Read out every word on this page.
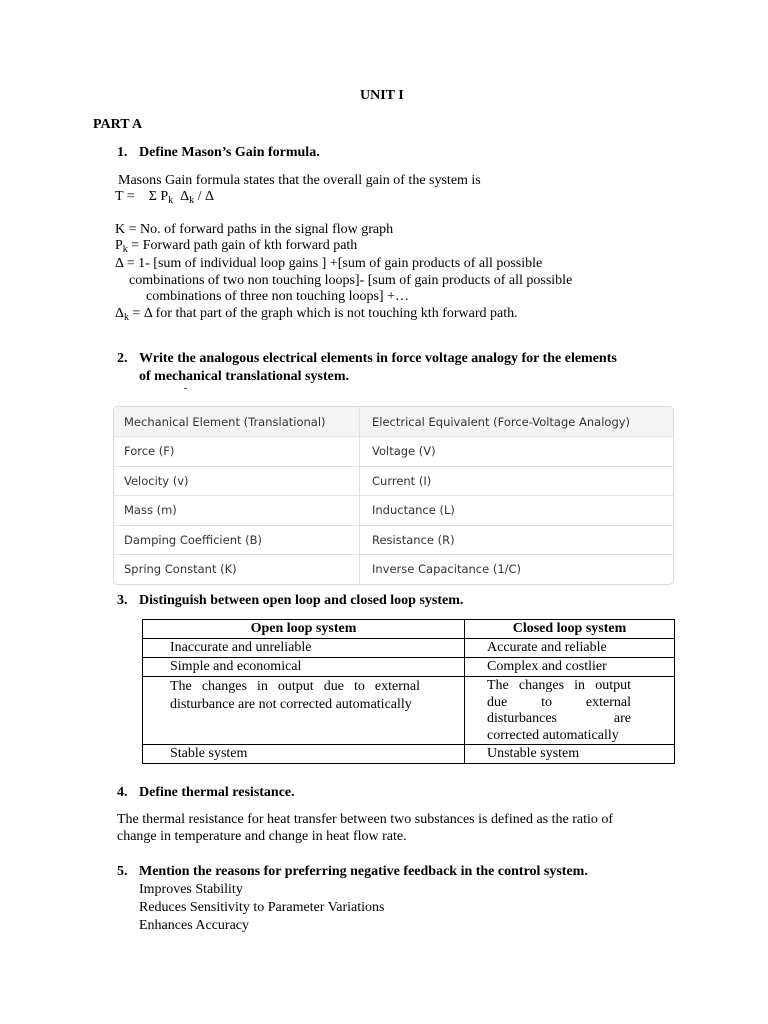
UNIT I
PART A
1. Define Mason’s Gain formula.
Masons Gain formula states that the overall gain of the system is
T = Σ $P_k$ $\Delta_k$ / Δ
K = No. of forward paths in the signal flow graph
$P_k$ = Forward path gain of kth forward path
Δ = 1- [sum of individual loop gains ] +[sum of gain products of all possible
combinations of two non touching loops]- [sum of gain products of all possible
combinations of three non touching loops] +…
$\Delta_k = \Delta$ for that part of the graph which is not touching kth forward path.
2. Write the analogous electrical elements in force voltage analogy for the elements
of mechanical translational system.
-
Mechanical Element (Translational)	Electrical Equivalent (Force-Voltage Analogy)
Force (F)	Voltage (V)
Velocity (v)	Current (I)
Mass (m)	Inductance (L)
Damping Coefficient (B)	Resistance (R)
Spring Constant (K)	Inverse Capacitance (1/C)
3. Distinguish between open loop and closed loop system.
Open loop system	Closed loop system
Inaccurate and unreliable	Accurate and reliable
Simple and economical	Complex and costlier
The changes in output due to external disturbance are not corrected automatically	The changes in output due to external disturbances are corrected automatically
Stable system	Unstable system
4. Define thermal resistance.
The thermal resistance for heat transfer between two substances is defined as the ratio of
change in temperature and change in heat flow rate.
5. Mention the reasons for preferring negative feedback in the control system.
Improves Stability
Reduces Sensitivity to Parameter Variations
Enhances Accuracy
